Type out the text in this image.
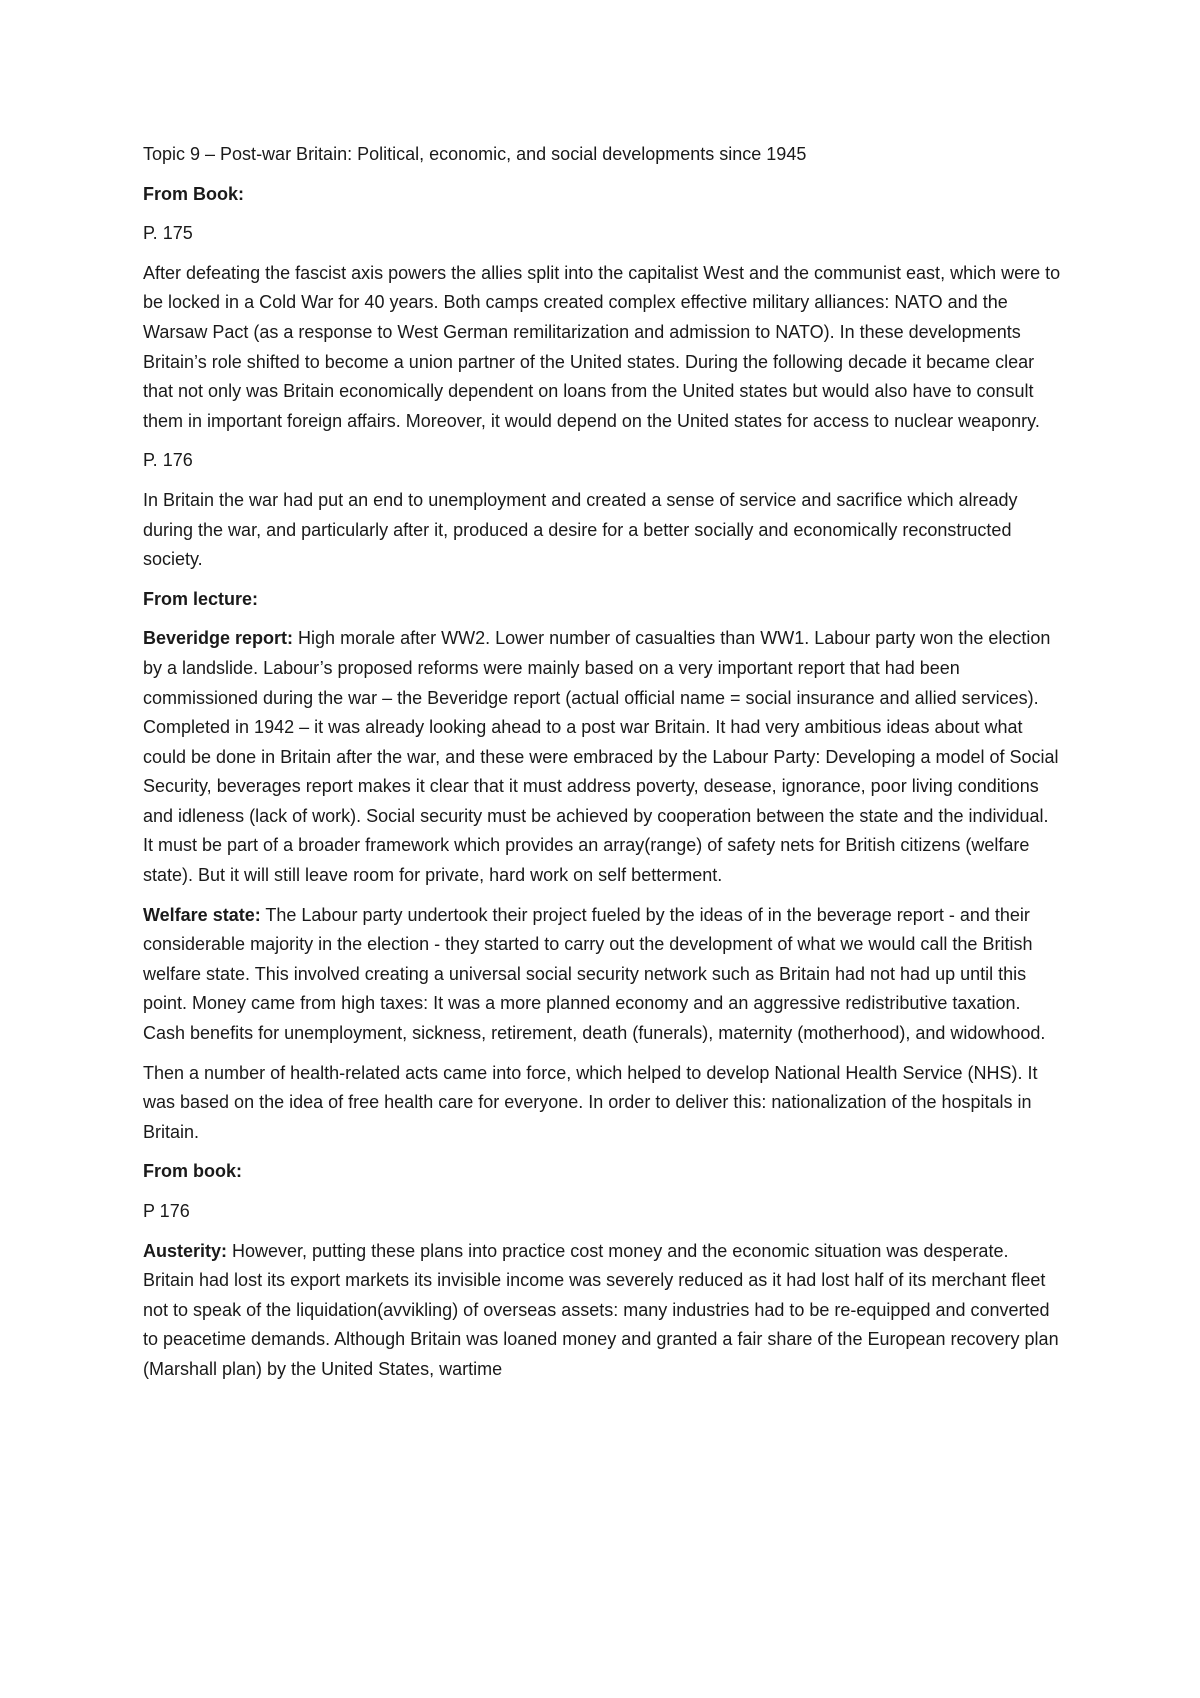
Topic 9 – Post-war Britain: Political, economic, and social developments since 1945

From Book:

P. 175

After defeating the fascist axis powers the allies split into the capitalist West and the communist east, which were to be locked in a Cold War for 40 years. Both camps created complex effective military alliances: NATO and the Warsaw Pact (as a response to West German remilitarization and admission to NATO). In these developments Britain’s role shifted to become a union partner of the United states. During the following decade it became clear that not only was Britain economically dependent on loans from the United states but would also have to consult them in important foreign affairs. Moreover, it would depend on the United states for access to nuclear weaponry.

P. 176

In Britain the war had put an end to unemployment and created a sense of service and sacrifice which already during the war, and particularly after it, produced a desire for a better socially and economically reconstructed society.

From lecture:

Beveridge report: High morale after WW2. Lower number of casualties than WW1. Labour party won the election by a landslide. Labour’s proposed reforms were mainly based on a very important report that had been commissioned during the war – the Beveridge report (actual official name = social insurance and allied services). Completed in 1942 – it was already looking ahead to a post war Britain. It had very ambitious ideas about what could be done in Britain after the war, and these were embraced by the Labour Party: Developing a model of Social Security, beverages report makes it clear that it must address poverty, desease, ignorance, poor living conditions and idleness (lack of work). Social security must be achieved by cooperation between the state and the individual. It must be part of a broader framework which provides an array(range) of safety nets for British citizens (welfare state). But it will still leave room for private, hard work on self betterment.

Welfare state: The Labour party undertook their project fueled by the ideas of in the beverage report - and their considerable majority in the election - they started to carry out the development of what we would call the British welfare state. This involved creating a universal social security network such as Britain had not had up until this point. Money came from high taxes: It was a more planned economy and an aggressive redistributive taxation. Cash benefits for unemployment, sickness, retirement, death (funerals), maternity (motherhood), and widowhood.

Then a number of health-related acts came into force, which helped to develop National Health Service (NHS). It was based on the idea of free health care for everyone. In order to deliver this: nationalization of the hospitals in Britain.

From book:

P 176

Austerity: However, putting these plans into practice cost money and the economic situation was desperate. Britain had lost its export markets its invisible income was severely reduced as it had lost half of its merchant fleet not to speak of the liquidation(avvikling) of overseas assets: many industries had to be re-equipped and converted to peacetime demands. Although Britain was loaned money and granted a fair share of the European recovery plan (Marshall plan) by the United States, wartime
